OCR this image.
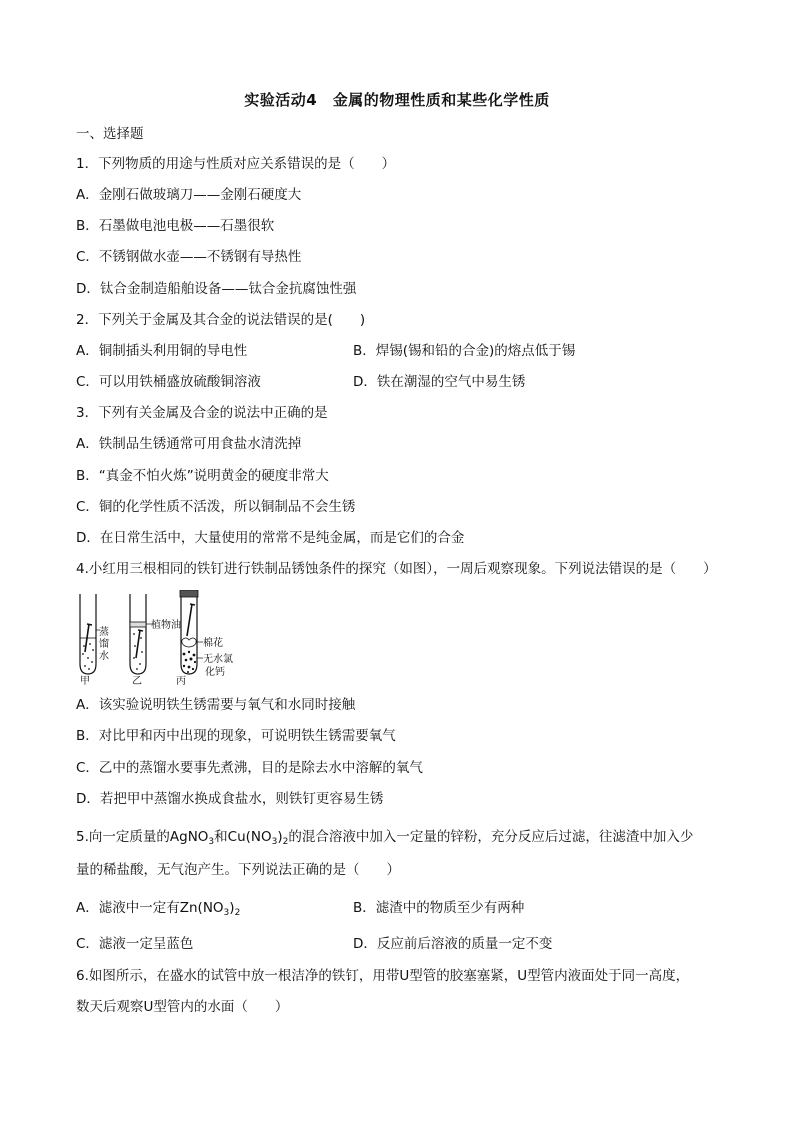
实验活动4　金属的物理性质和某些化学性质
一、选择题
1．下列物质的用途与性质对应关系错误的是（　　）
A．金刚石做玻璃刀——金刚石硬度大
B．石墨做电池电极——石墨很软
C．不锈钢做水壶——不锈钢有导热性
D．钛合金制造船舶设备——钛合金抗腐蚀性强
2．下列关于金属及其合金的说法错误的是(　　)
A．铜制插头利用铜的导电性	B．焊锡(锡和铅的合金)的熔点低于锡
C．可以用铁桶盛放硫酸铜溶液	D．铁在潮湿的空气中易生锈
3．下列有关金属及合金的说法中正确的是
A．铁制品生锈通常可用食盐水清洗掉
B．“真金不怕火炼”说明黄金的硬度非常大
C．铜的化学性质不活泼，所以铜制品不会生锈
D．在日常生活中，大量使用的常常不是纯金属，而是它们的合金
4.小红用三根相同的铁钉进行铁制品锈蚀条件的探究（如图），一周后观察现象。下列说法错误的是（　　）
蒸
馏
水
甲
植物油
乙
棉花
无水氯
化钙
丙
A．该实验说明铁生锈需要与氧气和水同时接触
B．对比甲和丙中出现的现象，可说明铁生锈需要氧气
C．乙中的蒸馏水要事先煮沸，目的是除去水中溶解的氧气
D．若把甲中蒸馏水换成食盐水，则铁钉更容易生锈
5.向一定质量的AgNO$_3$和$Cu(NO_3)_2$的混合溶液中加入一定量的锌粉，充分反应后过滤，往滤渣中加入少
量的稀盐酸，无气泡产生。下列说法正确的是（　　）
A．滤液中一定有$Zn(NO_3)_2$	B．滤渣中的物质至少有两种
C．滤液一定呈蓝色	D．反应前后溶液的质量一定不变
6.如图所示，在盛水的试管中放一根洁净的铁钉，用带U型管的胶塞塞紧，U型管内液面处于同一高度，
数天后观察U型管内的水面（　　）
